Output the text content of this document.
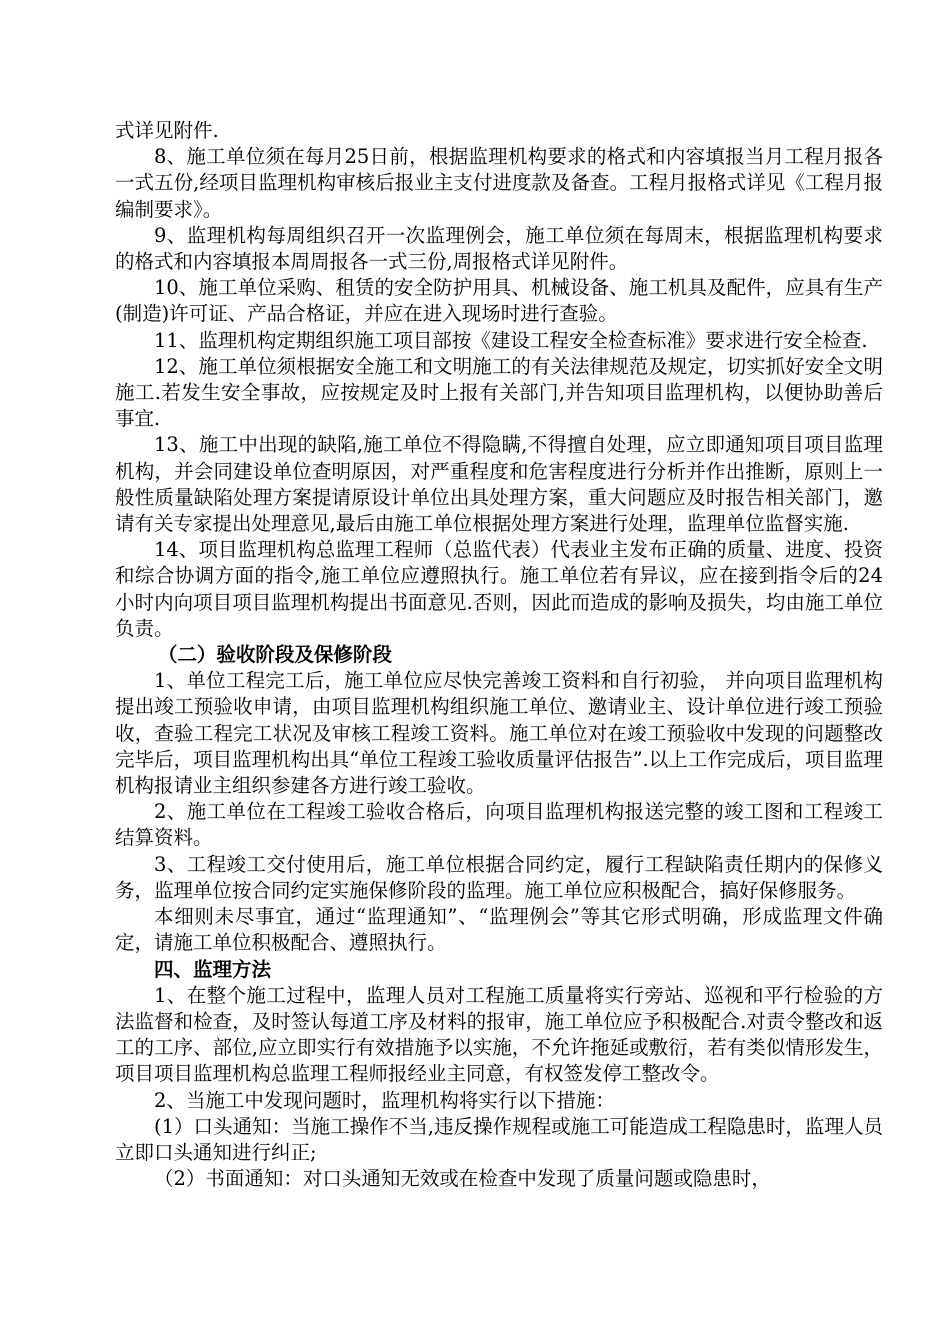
式详见附件.

8、施工单位须在每月25日前，根据监理机构要求的格式和内容填报当月工程月报各一式五份,经项目监理机构审核后报业主支付进度款及备查。工程月报格式详见《工程月报编制要求》。

9、监理机构每周组织召开一次监理例会，施工单位须在每周末，根据监理机构要求的格式和内容填报本周周报各一式三份,周报格式详见附件。

10、施工单位采购、租赁的安全防护用具、机械设备、施工机具及配件，应具有生产(制造)许可证、产品合格证，并应在进入现场时进行查验。

11、监理机构定期组织施工项目部按《建设工程安全检查标准》要求进行安全检查.

12、施工单位须根据安全施工和文明施工的有关法律规范及规定，切实抓好安全文明施工.若发生安全事故，应按规定及时上报有关部门,并告知项目监理机构，以便协助善后事宜.

13、施工中出现的缺陷,施工单位不得隐瞒,不得擅自处理，应立即通知项目项目监理机构，并会同建设单位查明原因，对严重程度和危害程度进行分析并作出推断，原则上一般性质量缺陷处理方案提请原设计单位出具处理方案，重大问题应及时报告相关部门，邀请有关专家提出处理意见,最后由施工单位根据处理方案进行处理，监理单位监督实施.

14、项目监理机构总监理工程师（总监代表）代表业主发布正确的质量、进度、投资和综合协调方面的指令,施工单位应遵照执行。施工单位若有异议，应在接到指令后的24小时内向项目项目监理机构提出书面意见.否则，因此而造成的影响及损失，均由施工单位负责。

（二）验收阶段及保修阶段

1、单位工程完工后，施工单位应尽快完善竣工资料和自行初验， 并向项目监理机构提出竣工预验收申请，由项目监理机构组织施工单位、邀请业主、设计单位进行竣工预验收，查验工程完工状况及审核工程竣工资料。施工单位对在竣工预验收中发现的问题整改完毕后，项目监理机构出具“单位工程竣工验收质量评估报告”.以上工作完成后，项目监理机构报请业主组织参建各方进行竣工验收。

2、施工单位在工程竣工验收合格后，向项目监理机构报送完整的竣工图和工程竣工结算资料。

3、工程竣工交付使用后，施工单位根据合同约定，履行工程缺陷责任期内的保修义务，监理单位按合同约定实施保修阶段的监理。施工单位应积极配合，搞好保修服务。

本细则未尽事宜，通过“监理通知”、“监理例会”等其它形式明确，形成监理文件确定，请施工单位积极配合、遵照执行。

四、监理方法

1、在整个施工过程中，监理人员对工程施工质量将实行旁站、巡视和平行检验的方法监督和检查，及时签认每道工序及材料的报审，施工单位应予积极配合.对责令整改和返工的工序、部位,应立即实行有效措施予以实施，不允许拖延或敷衍，若有类似情形发生，项目项目监理机构总监理工程师报经业主同意，有权签发停工整改令。

2、当施工中发现问题时，监理机构将实行以下措施：

(1）口头通知：当施工操作不当,违反操作规程或施工可能造成工程隐患时，监理人员立即口头通知进行纠正;

（2）书面通知：对口头通知无效或在检查中发现了质量问题或隐患时，
